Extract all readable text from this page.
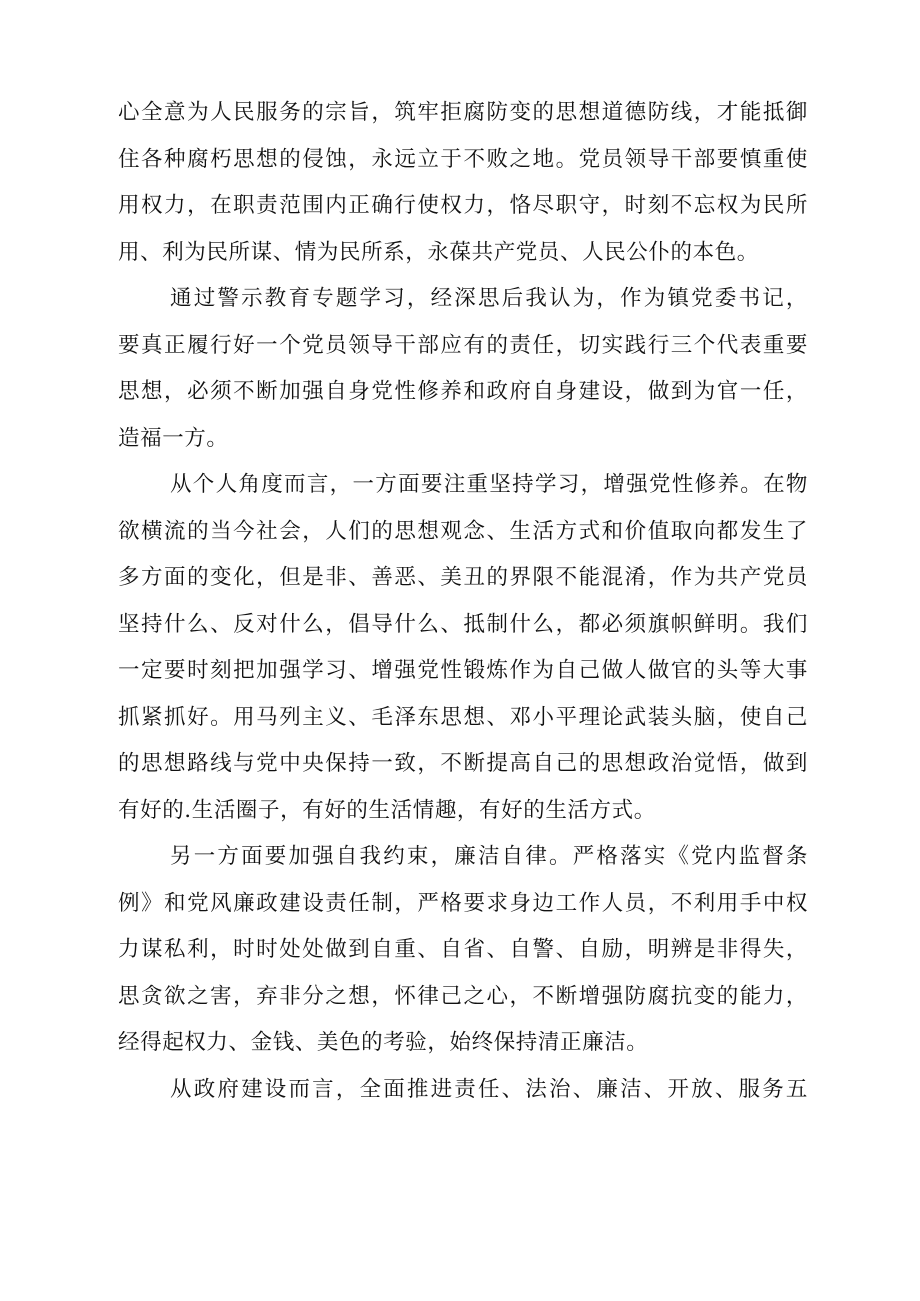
心全意为人民服务的宗旨，筑牢拒腐防变的思想道德防线，才能抵御
住各种腐朽思想的侵蚀，永远立于不败之地。党员领导干部要慎重使
用权力，在职责范围内正确行使权力，恪尽职守，时刻不忘权为民所
用、利为民所谋、情为民所系，永葆共产党员、人民公仆的本色。
通过警示教育专题学习，经深思后我认为，作为镇党委书记，
要真正履行好一个党员领导干部应有的责任，切实践行三个代表重要
思想，必须不断加强自身党性修养和政府自身建设，做到为官一任，
造福一方。
从个人角度而言，一方面要注重坚持学习，增强党性修养。在物
欲横流的当今社会，人们的思想观念、生活方式和价值取向都发生了
多方面的变化，但是非、善恶、美丑的界限不能混淆，作为共产党员
坚持什么、反对什么，倡导什么、抵制什么，都必须旗帜鲜明。我们
一定要时刻把加强学习、增强党性锻炼作为自己做人做官的头等大事
抓紧抓好。用马列主义、毛泽东思想、邓小平理论武装头脑，使自己
的思想路线与党中央保持一致，不断提高自己的思想政治觉悟，做到
有好的.生活圈子，有好的生活情趣，有好的生活方式。
另一方面要加强自我约束，廉洁自律。严格落实《党内监督条
例》和党风廉政建设责任制，严格要求身边工作人员，不利用手中权
力谋私利，时时处处做到自重、自省、自警、自励，明辨是非得失，
思贪欲之害，弃非分之想，怀律己之心，不断增强防腐抗变的能力，
经得起权力、金钱、美色的考验，始终保持清正廉洁。
从政府建设而言，全面推进责任、法治、廉洁、开放、服务五
